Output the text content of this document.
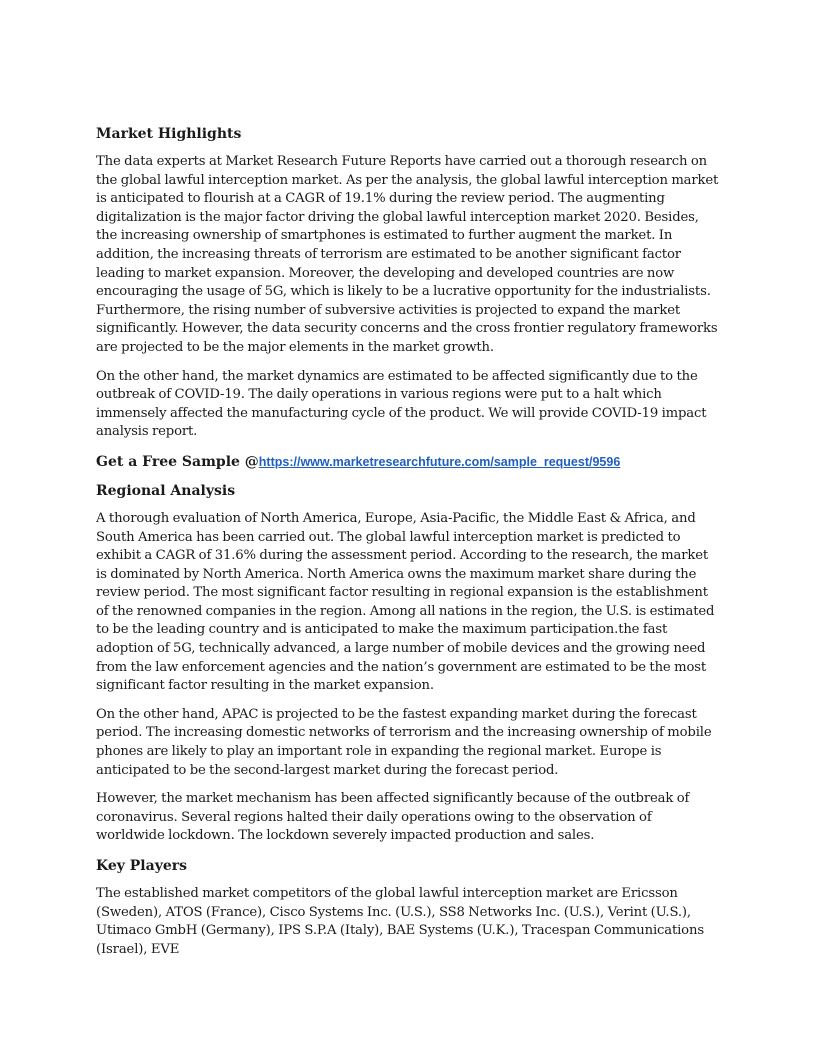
Market Highlights

The data experts at Market Research Future Reports have carried out a thorough research on the global lawful interception market. As per the analysis, the global lawful interception market is anticipated to flourish at a CAGR of 19.1% during the review period. The augmenting digitalization is the major factor driving the global lawful interception market 2020. Besides, the increasing ownership of smartphones is estimated to further augment the market. In addition, the increasing threats of terrorism are estimated to be another significant factor leading to market expansion. Moreover, the developing and developed countries are now encouraging the usage of 5G, which is likely to be a lucrative opportunity for the industrialists. Furthermore, the rising number of subversive activities is projected to expand the market significantly. However, the data security concerns and the cross frontier regulatory frameworks are projected to be the major elements in the market growth.

On the other hand, the market dynamics are estimated to be affected significantly due to the outbreak of COVID-19. The daily operations in various regions were put to a halt which immensely affected the manufacturing cycle of the product. We will provide COVID-19 impact analysis report.

Get a Free Sample @https://www.marketresearchfuture.com/sample_request/9596

Regional Analysis

A thorough evaluation of North America, Europe, Asia-Pacific, the Middle East & Africa, and South America has been carried out. The global lawful interception market is predicted to exhibit a CAGR of 31.6% during the assessment period. According to the research, the market is dominated by North America. North America owns the maximum market share during the review period. The most significant factor resulting in regional expansion is the establishment of the renowned companies in the region. Among all nations in the region, the U.S. is estimated to be the leading country and is anticipated to make the maximum participation.the fast adoption of 5G, technically advanced, a large number of mobile devices and the growing need from the law enforcement agencies and the nation’s government are estimated to be the most significant factor resulting in the market expansion.

On the other hand, APAC is projected to be the fastest expanding market during the forecast period. The increasing domestic networks of terrorism and the increasing ownership of mobile phones are likely to play an important role in expanding the regional market. Europe is anticipated to be the second-largest market during the forecast period.

However, the market mechanism has been affected significantly because of the outbreak of coronavirus. Several regions halted their daily operations owing to the observation of worldwide lockdown. The lockdown severely impacted production and sales.

Key Players

The established market competitors of the global lawful interception market are Ericsson (Sweden), ATOS (France), Cisco Systems Inc. (U.S.), SS8 Networks Inc. (U.S.), Verint (U.S.), Utimaco GmbH (Germany), IPS S.P.A (Italy), BAE Systems (U.K.), Tracespan Communications (Israel), EVE
